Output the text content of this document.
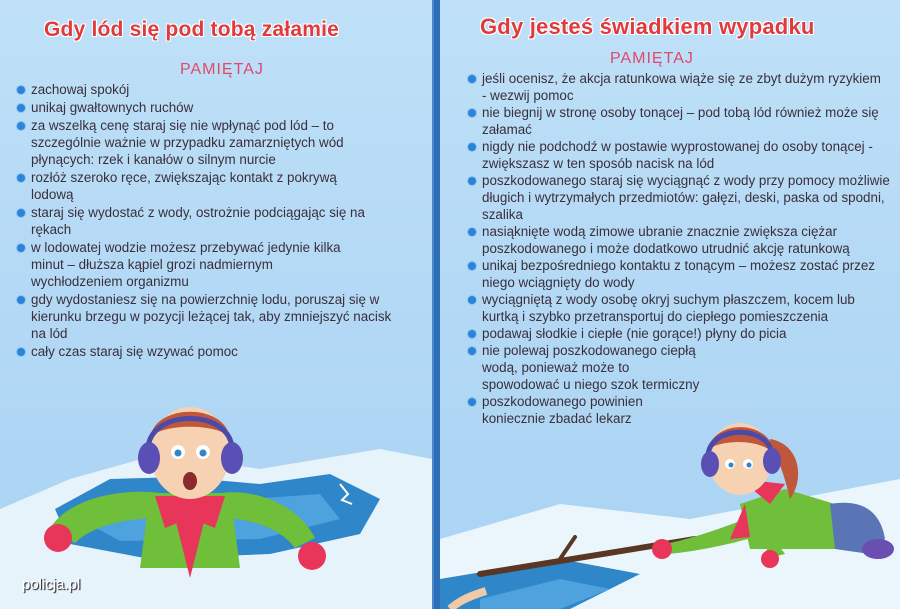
Gdy lód się pod tobą załamie
PAMIĘTAJ
zachowaj spokój
unikaj gwałtownych ruchów
za wszelką cenę staraj się nie wpłynąć pod lód – to szczególnie ważnie w przypadku zamarzniętych wód płynących: rzek i kanałów o silnym nurcie
rozłóż szeroko ręce, zwiększając kontakt z pokrywą lodową
staraj się wydostać z wody, ostrożnie podciągając się na rękach
w lodowatej wodzie możesz przebywać jedynie kilka minut – dłuższa kąpiel grozi nadmiernym wychłodzeniem organizmu
gdy wydostaniesz się na powierzchnię lodu, poruszaj się w kierunku brzegu w pozycji leżącej tak, aby zmniejszyć nacisk na lód
cały czas staraj się wzywać pomoc
policja.pl
Gdy jesteś świadkiem wypadku
PAMIĘTAJ
jeśli ocenisz, że akcja ratunkowa wiąże się ze zbyt dużym ryzykiem - wezwij pomoc
nie biegnij w stronę osoby tonącej – pod tobą lód również może się załamać
nigdy nie podchodź w postawie wyprostowanej do osoby tonącej - zwiększasz w ten sposób nacisk na lód
poszkodowanego staraj się wyciągnąć z wody przy pomocy możliwie długich i wytrzymałych przedmiotów: gałęzi, deski, paska od spodni, szalika
nasiąknięte wodą zimowe ubranie znacznie zwiększa ciężar poszkodowanego i może dodatkowo utrudnić akcję ratunkową
unikaj bezpośredniego kontaktu z tonącym – możesz zostać przez niego wciągnięty do wody
wyciągniętą z wody osobę okryj suchym płaszczem, kocem lub kurtką i szybko przetransportuj do ciepłego pomieszczenia
podawaj słodkie i ciepłe (nie gorące!) płyny do picia
nie polewaj poszkodowanego ciepłą wodą, ponieważ może to spowodować u niego szok termiczny
poszkodowanego powinien koniecznie zbadać lekarz
